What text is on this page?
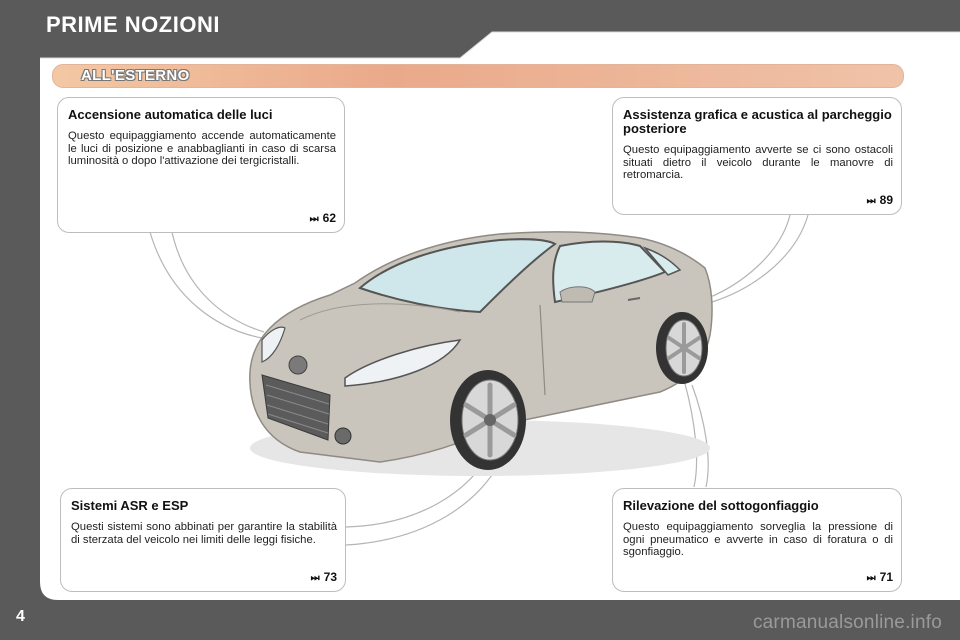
PRIME NOZIONI
ALL'ESTERNO
Accensione automatica delle luci
Questo equipaggiamento accende automaticamente le luci di posizione e anabbaglianti in caso di scarsa luminosità o dopo l'attivazione dei tergicristalli.
⏭ 62
Assistenza grafica e acustica al parcheggio posteriore
Questo equipaggiamento avverte se ci sono ostacoli situati dietro il veicolo durante le manovre di retromarcia.
⏭ 89
Sistemi ASR e ESP
Questi sistemi sono abbinati per garantire la stabilità di sterzata del veicolo nei limiti delle leggi fisiche.
⏭ 73
Rilevazione del sottogonfiaggio
Questo equipaggiamento sorveglia la pressione di ogni pneumatico e avverte in caso di foratura o di sgonfiaggio.
⏭ 71
4	carmanualsonline.info
